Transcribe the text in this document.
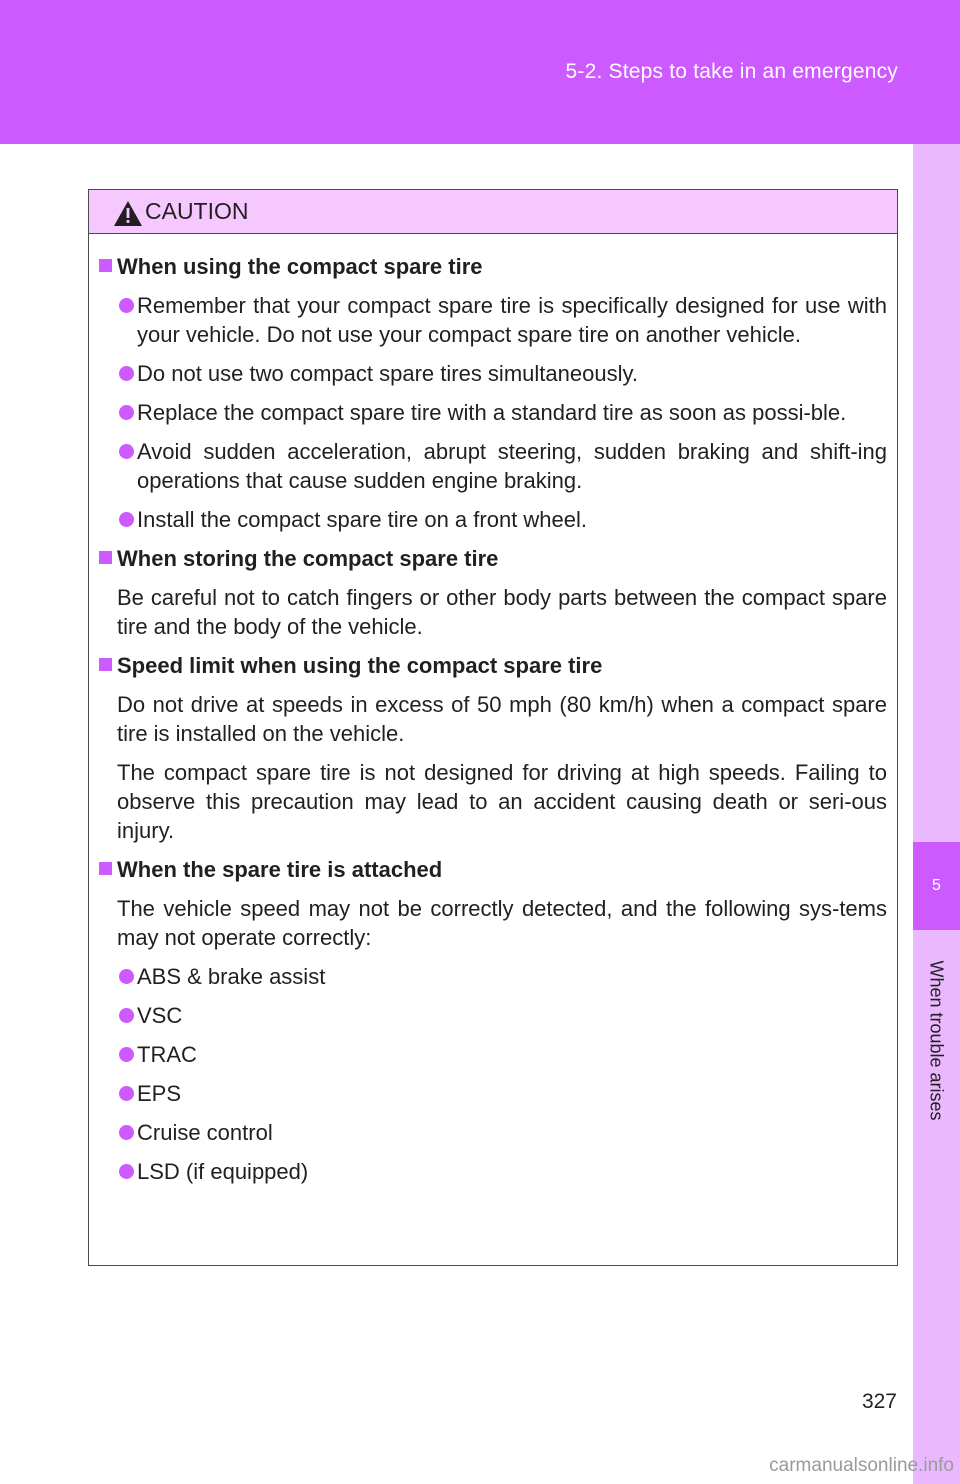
5-2. Steps to take in an emergency
5
When trouble arises
CAUTION
When using the compact spare tire
Remember that your compact spare tire is specifically designed for use with your vehicle. Do not use your compact spare tire on another vehicle.
Do not use two compact spare tires simultaneously.
Replace the compact spare tire with a standard tire as soon as possi-ble.
Avoid sudden acceleration, abrupt steering, sudden braking and shift-ing operations that cause sudden engine braking.
Install the compact spare tire on a front wheel.
When storing the compact spare tire
Be careful not to catch fingers or other body parts between the compact spare tire and the body of the vehicle.
Speed limit when using the compact spare tire
Do not drive at speeds in excess of 50 mph (80 km/h) when a compact spare tire is installed on the vehicle.
The compact spare tire is not designed for driving at high speeds. Failing to observe this precaution may lead to an accident causing death or seri-ous injury.
When the spare tire is attached
The vehicle speed may not be correctly detected, and the following sys-tems may not operate correctly:
ABS & brake assist
VSC
TRAC
EPS
Cruise control
LSD (if equipped)
327
carmanualsonline.info
